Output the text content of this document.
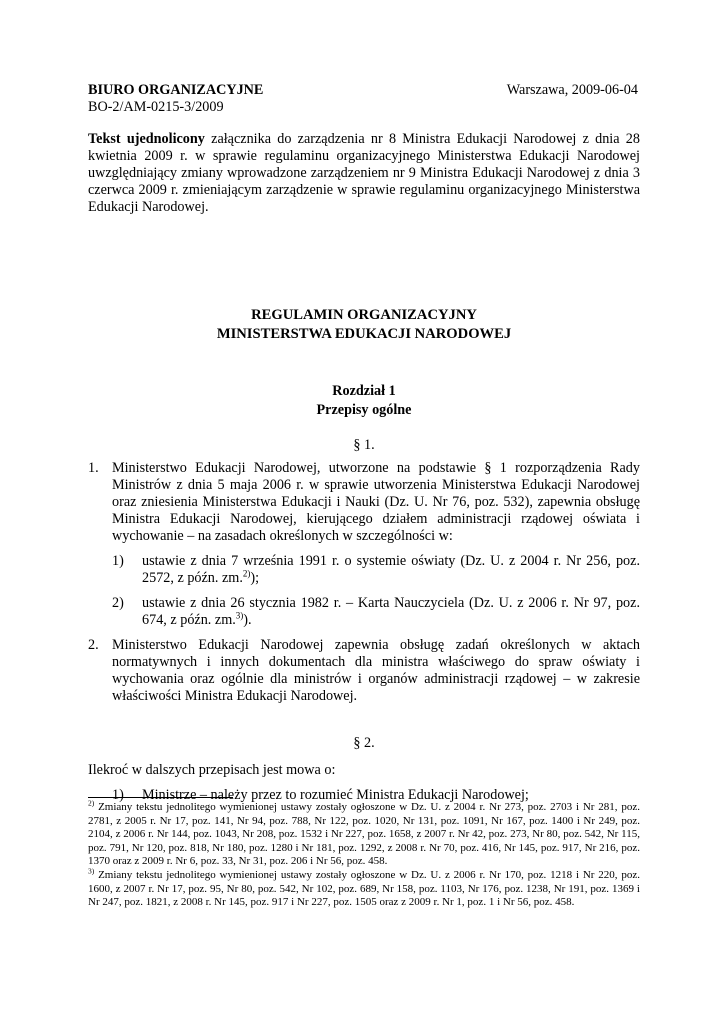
BIURO ORGANIZACYJNE	Warszawa, 2009-06-04
BO-2/AM-0215-3/2009
Tekst ujednolicony załącznika do zarządzenia nr 8 Ministra Edukacji Narodowej z dnia 28 kwietnia 2009 r. w sprawie regulaminu organizacyjnego Ministerstwa Edukacji Narodowej uwzględniający zmiany wprowadzone zarządzeniem nr 9 Ministra Edukacji Narodowej z dnia 3 czerwca 2009 r. zmieniającym zarządzenie w sprawie regulaminu organizacyjnego Ministerstwa Edukacji Narodowej.
REGULAMIN ORGANIZACYJNY
MINISTERSTWA EDUKACJI NARODOWEJ
Rozdział 1
Przepisy ogólne
§ 1.
1. Ministerstwo Edukacji Narodowej, utworzone na podstawie § 1 rozporządzenia Rady Ministrów z dnia 5 maja 2006 r. w sprawie utworzenia Ministerstwa Edukacji Narodowej oraz zniesienia Ministerstwa Edukacji i Nauki (Dz. U. Nr 76, poz. 532), zapewnia obsługę Ministra Edukacji Narodowej, kierującego działem administracji rządowej oświata i wychowanie – na zasadach określonych w szczególności w:
1)	ustawie z dnia 7 września 1991 r. o systemie oświaty (Dz. U. z 2004 r. Nr 256, poz. 2572, z późn. zm.$^{2)}$);
2)	ustawie z dnia 26 stycznia 1982 r. – Karta Nauczyciela (Dz. U. z 2006 r. Nr 97, poz. 674, z późn. zm.$^{3)}$).
2. Ministerstwo Edukacji Narodowej zapewnia obsługę zadań określonych w aktach normatywnych i innych dokumentach dla ministra właściwego do spraw oświaty i wychowania oraz ogólnie dla ministrów i organów administracji rządowej – w zakresie właściwości Ministra Edukacji Narodowej.
§ 2.
Ilekroć w dalszych przepisach jest mowa o:
1)	Ministrze – należy przez to rozumieć Ministra Edukacji Narodowej;

$^{2)}$ Zmiany tekstu jednolitego wymienionej ustawy zostały ogłoszone w Dz. U. z 2004 r. Nr 273, poz. 2703 i Nr 281, poz. 2781, z 2005 r. Nr 17, poz. 141, Nr 94, poz. 788, Nr 122, poz. 1020, Nr 131, poz. 1091, Nr 167, poz. 1400 i Nr 249, poz. 2104, z 2006 r. Nr 144, poz. 1043, Nr 208, poz. 1532 i Nr 227, poz. 1658, z 2007 r. Nr 42, poz. 273, Nr 80, poz. 542, Nr 115, poz. 791, Nr 120, poz. 818, Nr 180, poz. 1280 i Nr 181, poz. 1292, z 2008 r. Nr 70, poz. 416, Nr 145, poz. 917, Nr 216, poz. 1370 oraz z 2009 r. Nr 6, poz. 33, Nr 31, poz. 206 i Nr 56, poz. 458.

$^{3)}$ Zmiany tekstu jednolitego wymienionej ustawy zostały ogłoszone w Dz. U. z 2006 r. Nr 170, poz. 1218 i Nr 220, poz. 1600, z 2007 r. Nr 17, poz. 95, Nr 80, poz. 542, Nr 102, poz. 689, Nr 158, poz. 1103, Nr 176, poz. 1238, Nr 191, poz. 1369 i Nr 247, poz. 1821, z 2008 r. Nr 145, poz. 917 i Nr 227, poz. 1505 oraz z 2009 r. Nr 1, poz. 1 i Nr 56, poz. 458.
